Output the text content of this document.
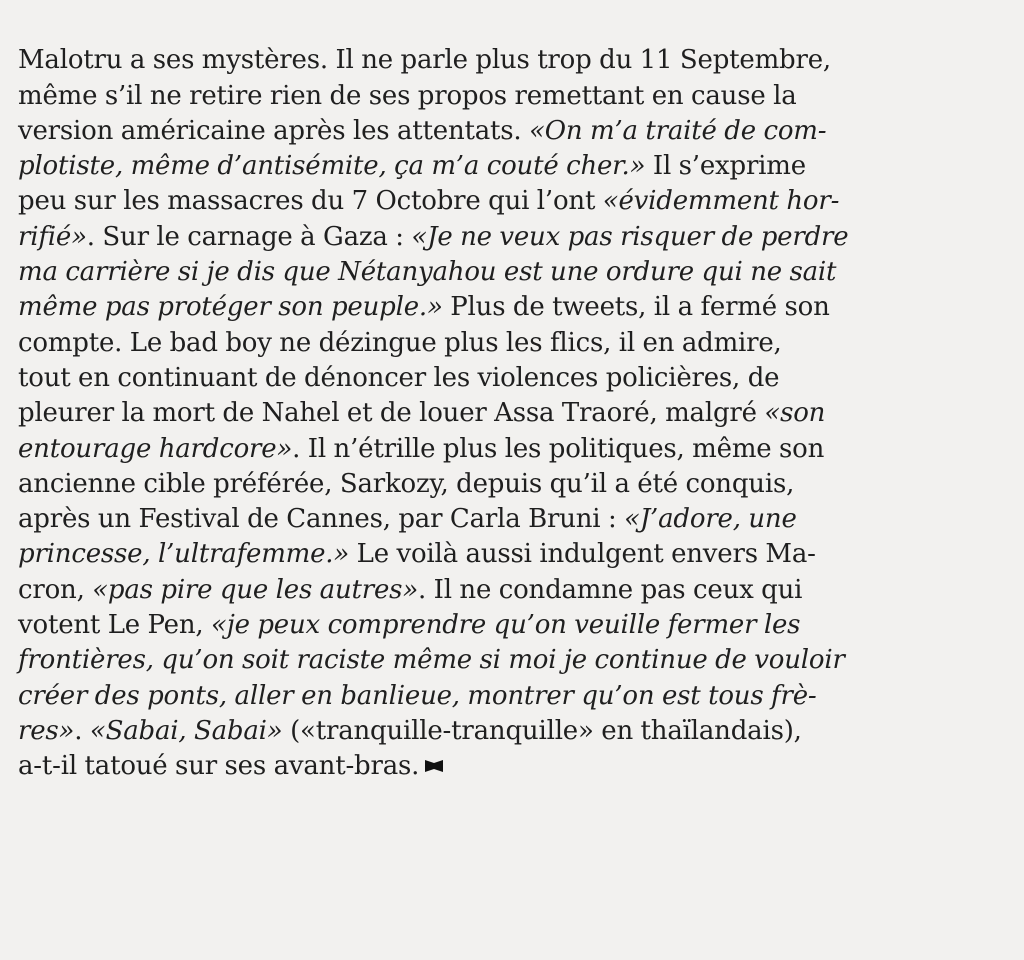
Malotru a ses mystères. Il ne parle plus trop du 11 Septembre,
même s’il ne retire rien de ses propos remettant en cause la
version américaine après les attentats. «On m’a traité de com-
plotiste, même d’antisémite, ça m’a couté cher.» Il s’exprime
peu sur les massacres du 7 Octobre qui l’ont «évidemment hor-
rifié». Sur le carnage à Gaza : «Je ne veux pas risquer de perdre
ma carrière si je dis que Nétanyahou est une ordure qui ne sait
même pas protéger son peuple.» Plus de tweets, il a fermé son
compte. Le bad boy ne dézingue plus les flics, il en admire,
tout en continuant de dénoncer les violences policières, de
pleurer la mort de Nahel et de louer Assa Traoré, malgré «son
entourage hardcore». Il n’étrille plus les politiques, même son
ancienne cible préférée, Sarkozy, depuis qu’il a été conquis,
après un Festival de Cannes, par Carla Bruni : «J’adore, une
princesse, l’ultrafemme.» Le voilà aussi indulgent envers Ma-
cron, «pas pire que les autres». Il ne condamne pas ceux qui
votent Le Pen, «je peux comprendre qu’on veuille fermer les
frontières, qu’on soit raciste même si moi je continue de vouloir
créer des ponts, aller en banlieue, montrer qu’on est tous frè-
res». «Sabai, Sabai» («tranquille-tranquille» en thaïlandais),
a-t-il tatoué sur ses avant-bras.
